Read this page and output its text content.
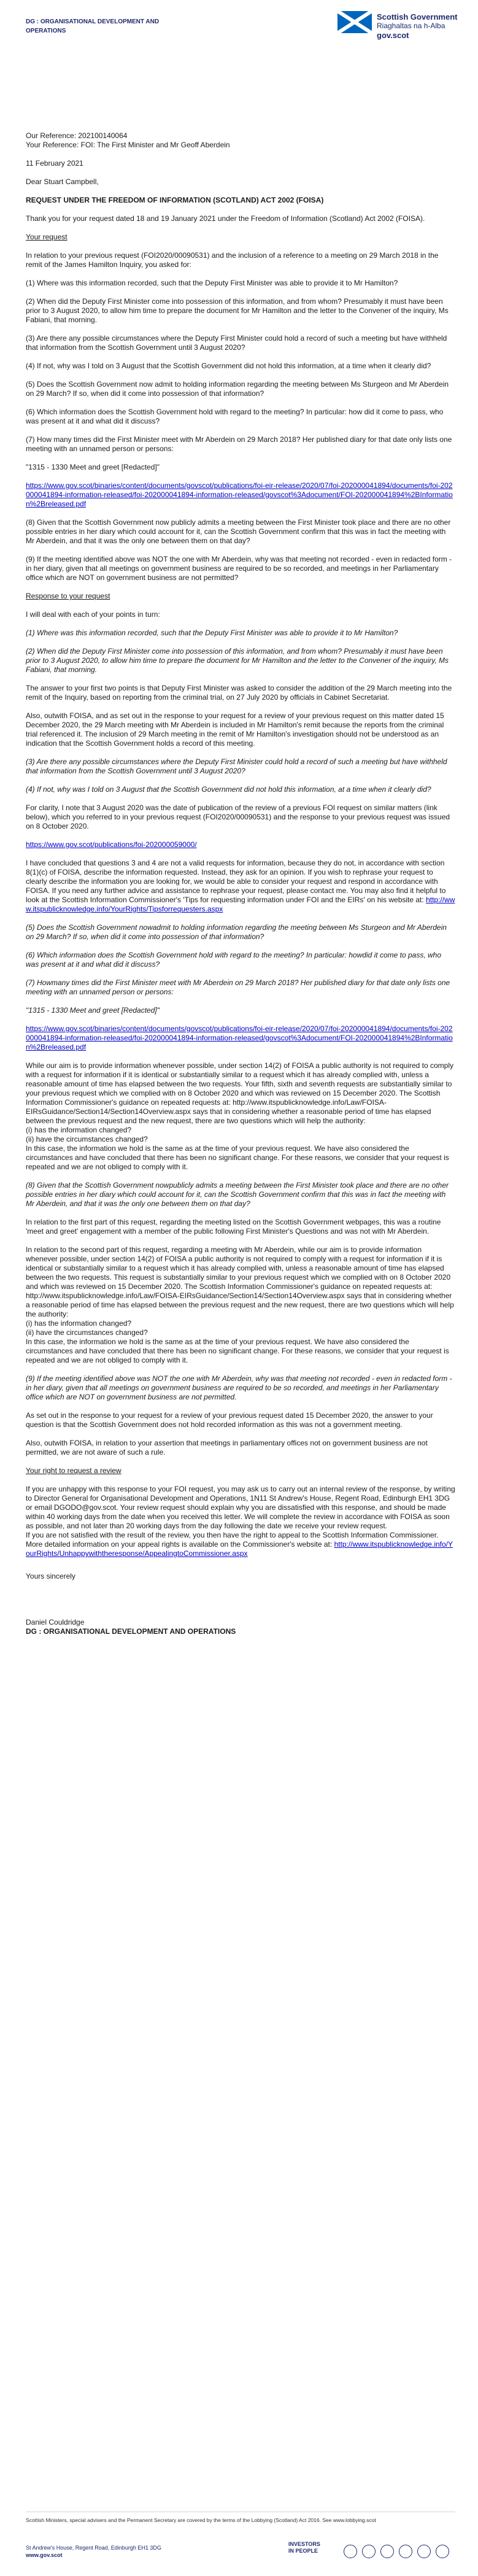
DG : ORGANISATIONAL DEVELOPMENT AND
OPERATIONS
Scottish Government
Riaghaltas na h-Alba
gov.scot

Our Reference: 202100140064

Your Reference: FOI: The First Minister and Mr Geoff Aberdein

11 February 2021

Dear Stuart Campbell,

REQUEST UNDER THE FREEDOM OF INFORMATION (SCOTLAND) ACT 2002 (FOISA)

Thank you for your request dated 18 and 19 January 2021 under the Freedom of Information (Scotland) Act 2002 (FOISA).

Your request

In relation to your previous request (FOI2020/00090531) and the inclusion of a reference to a meeting on 29 March 2018 in the remit of the James Hamilton Inquiry, you asked for:

(1) Where was this information recorded, such that the Deputy First Minister was able to provide it to Mr Hamilton?

(2) When did the Deputy First Minister come into possession of this information, and from whom? Presumably it must have been prior to 3 August 2020, to allow him time to prepare the document for Mr Hamilton and the letter to the Convener of the inquiry, Ms Fabiani, that morning.

(3) Are there any possible circumstances where the Deputy First Minister could hold a record of such a meeting but have withheld that information from the Scottish Government until 3 August 2020?

(4) If not, why was I told on 3 August that the Scottish Government did not hold this information, at a time when it clearly did?

(5) Does the Scottish Government now admit to holding information regarding the meeting between Ms Sturgeon and Mr Aberdein on 29 March? If so, when did it come into possession of that information?

(6) Which information does the Scottish Government hold with regard to the meeting? In particular: how did it come to pass, who was present at it and what did it discuss?

(7) How many times did the First Minister meet with Mr Aberdein on 29 March 2018? Her published diary for that date only lists one meeting with an unnamed person or persons:

"1315 - 1330 Meet and greet [Redacted]"

https://www.gov.scot/binaries/content/documents/govscot/publications/foi-eir-release/2020/07/foi-202000041894/documents/foi-202000041894-information-released/foi-202000041894-information-released/govscot%3Adocument/FOI-202000041894%2BInformation%2Breleased.pdf

(8) Given that the Scottish Government now publicly admits a meeting between the First Minister took place and there are no other possible entries in her diary which could account for it, can the Scottish Government confirm that this was in fact the meeting with Mr Aberdein, and that it was the only one between them on that day?

(9) If the meeting identified above was NOT the one with Mr Aberdein, why was that meeting not recorded - even in redacted form - in her diary, given that all meetings on government business are required to be so recorded, and meetings in her Parliamentary office which are NOT on government business are not permitted?

Response to your request

I will deal with each of your points in turn:

(1) Where was this information recorded, such that the Deputy First Minister was able to provide it to Mr Hamilton?

(2) When did the Deputy First Minister come into possession of this information, and from whom? Presumably it must have been prior to 3 August 2020, to allow him time to prepare the document for Mr Hamilton and the letter to the Convener of the inquiry, Ms Fabiani, that morning.

The answer to your first two points is that Deputy First Minister was asked to consider the addition of the 29 March meeting into the remit of the Inquiry, based on reporting from the criminal trial, on 27 July 2020 by officials in Cabinet Secretariat.

Also, outwith FOISA, and as set out in the response to your request for a review of your previous request on this matter dated 15 December 2020, the 29 March meeting with Mr Aberdein is included in Mr Hamilton's remit because the reports from the criminal trial referenced it. The inclusion of 29 March meeting in the remit of Mr Hamilton's investigation should not be understood as an indication that the Scottish Government holds a record of this meeting.

(3) Are there any possible circumstances where the Deputy First Minister could hold a record of such a meeting but have withheld that information from the Scottish Government until 3 August 2020?

(4) If not, why was I told on 3 August that the Scottish Government did not hold this information, at a time when it clearly did?

For clarity, I note that 3 August 2020 was the date of publication of the review of a previous FOI request on similar matters (link below), which you referred to in your previous request (FOI2020/00090531) and the response to your previous request was issued on 8 October 2020.

https://www.gov.scot/publications/foi-202000059000/

I have concluded that questions 3 and 4 are not a valid requests for information, because they do not, in accordance with section 8(1)(c) of FOISA, describe the information requested. Instead, they ask for an opinion. If you wish to rephrase your request to clearly describe the information you are looking for, we would be able to consider your request and respond in accordance with FOISA. If you need any further advice and assistance to rephrase your request, please contact me. You may also find it helpful to look at the Scottish Information Commissioner's 'Tips for requesting information under FOI and the EIRs' on his website at: http://www.itspublicknowledge.info/YourRights/Tipsforrequesters.aspx

(5) Does the Scottish Government nowadmit to holding information regarding the meeting between Ms Sturgeon and Mr Aberdein on 29 March? If so, when did it come into possession of that information?

(6) Which information does the Scottish Government hold with regard to the meeting? In particular: howdid it come to pass, who was present at it and what did it discuss?

(7) Howmany times did the First Minister meet with Mr Aberdein on 29 March 2018? Her published diary for that date only lists one meeting with an unnamed person or persons:

"1315 - 1330 Meet and greet [Redacted]"

https://www.gov.scot/binaries/content/documents/govscot/publications/foi-eir-release/2020/07/foi-202000041894/documents/foi-202000041894-information-released/foi-202000041894-information-released/govscot%3Adocument/FOI-202000041894%2BInformation%2Breleased.pdf

While our aim is to provide information whenever possible, under section 14(2) of FOISA a public authority is not required to comply with a request for information if it is identical or substantially similar to a request which it has already complied with, unless a reasonable amount of time has elapsed between the two requests. Your fifth, sixth and seventh requests are substantially similar to your previous request which we complied with on 8 October 2020 and which was reviewed on 15 December 2020. The Scottish Information Commissioner's guidance on repeated requests at: http://www.itspublicknowledge.info/Law/FOISA-EIRsGuidance/Section14/Section14Overview.aspx says that in considering whether a reasonable period of time has elapsed between the previous request and the new request, there are two questions which will help the authority:
(i) has the information changed?
(ii) have the circumstances changed?
In this case, the information we hold is the same as at the time of your previous request. We have also considered the circumstances and have concluded that there has been no significant change. For these reasons, we consider that your request is repeated and we are not obliged to comply with it.

(8) Given that the Scottish Government nowpublicly admits a meeting between the First Minister took place and there are no other possible entries in her diary which could account for it, can the Scottish Government confirm that this was in fact the meeting with Mr Aberdein, and that it was the only one between them on that day?

In relation to the first part of this request, regarding the meeting listed on the Scottish Government webpages, this was a routine 'meet and greet' engagement with a member of the public following First Minister's Questions and was not with Mr Aberdein.

In relation to the second part of this request, regarding a meeting with Mr Aberdein, while our aim is to provide information whenever possible, under section 14(2) of FOISA a public authority is not required to comply with a request for information if it is identical or substantially similar to a request which it has already complied with, unless a reasonable amount of time has elapsed between the two requests. This request is substantially similar to your previous request which we complied with on 8 October 2020 and which was reviewed on 15 December 2020. The Scottish Information Commissioner's guidance on repeated requests at: http://www.itspublicknowledge.info/Law/FOISA-EIRsGuidance/Section14/Section14Overview.aspx says that in considering whether a reasonable period of time has elapsed between the previous request and the new request, there are two questions which will help the authority:
(i) has the information changed?
(ii) have the circumstances changed?
In this case, the information we hold is the same as at the time of your previous request. We have also considered the circumstances and have concluded that there has been no significant change. For these reasons, we consider that your request is repeated and we are not obliged to comply with it.

(9) If the meeting identified above was NOT the one with Mr Aberdein, why was that meeting not recorded - even in redacted form - in her diary, given that all meetings on government business are required to be so recorded, and meetings in her Parliamentary office which are NOT on government business are not permitted.

As set out in the response to your request for a review of your previous request dated 15 December 2020, the answer to your question is that the Scottish Government does not hold recorded information as this was not a government meeting.

Also, outwith FOISA, in relation to your assertion that meetings in parliamentary offices not on government business are not permitted, we are not aware of such a rule.

Your right to request a review

If you are unhappy with this response to your FOI request, you may ask us to carry out an internal review of the response, by writing to Director General for Organisational Development and Operations, 1N11 St Andrew's House, Regent Road, Edinburgh EH1 3DG or email DGODO@gov.scot. Your review request should explain why you are dissatisfied with this response, and should be made within 40 working days from the date when you received this letter. We will complete the review in accordance with FOISA as soon as possible, and not later than 20 working days from the day following the date we receive your review request.

If you are not satisfied with the result of the review, you then have the right to appeal to the Scottish Information Commissioner. More detailed information on your appeal rights is available on the Commissioner's website at: http://www.itspublicknowledge.info/YourRights/Unhappywiththeresponse/AppealingtoCommissioner.aspx

Yours sincerely

Daniel Couldridge

DG : ORGANISATIONAL DEVELOPMENT AND OPERATIONS

Scottish Ministers, special advisers and the Permanent Secretary are covered by the terms of the Lobbying (Scotland) Act 2016. See www.lobbying.scot
St Andrew's House, Regent Road, Edinburgh EH1 3DG
www.gov.scot
INVESTORS
IN PEOPLE
